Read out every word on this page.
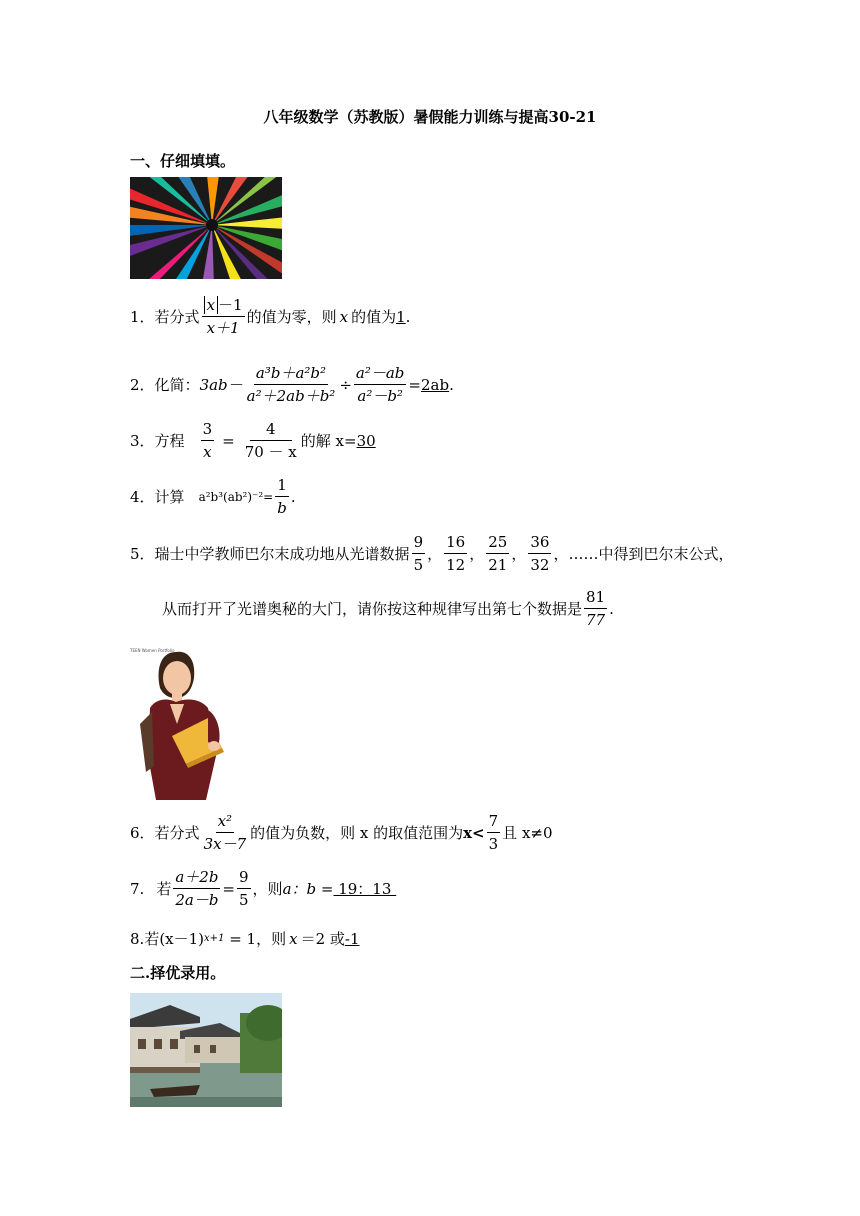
八年级数学（苏教版）暑假能力训练与提高30-21
一、仔细填填。
1． 若分式 $\frac{x -1}{x+1}$ 的值为零，则 x 的值为 1 .
2． 化简： $3ab- \frac{\text{a³b＋a²b²}}{\text{a²＋2ab＋b²}} \div \frac{\text{a²－ab}}{\text{a²－b²}} = 2ab$ .
3． 方程 $\frac{3}{x} = \frac{4}{70 - x}$ 的解 x= 30
4． 计算 $a^2b^3(ab^2)^{-2}= \frac{1}{b}$ .
5． 瑞士中学教师巴尔末成功地从光谱数据 $\frac{9}{5}$ ， $\frac{16}{12}$ ， $\frac{25}{21}$ ， $\frac{36}{32}$ ，……中得到巴尔末公式，
从而打开了光谱奥秘的大门，请你按这种规律写出第七个数据是 $\frac{81}{77}$ .
TEEN Women Portfolio
6． 若分式 $\frac{\text{x²}}{3x-7}$ 的值为负数，则 x 的取值范围为 $x< \frac{7}{3}$ 且 x≠0
7. 若 $\frac{a+2b}{2a-b} = \frac{9}{5}$ ，则 a：b = 19：13
8. 若 (x－1) x+1 = 1，则 x ＝2 或 -1
二.择优录用。
